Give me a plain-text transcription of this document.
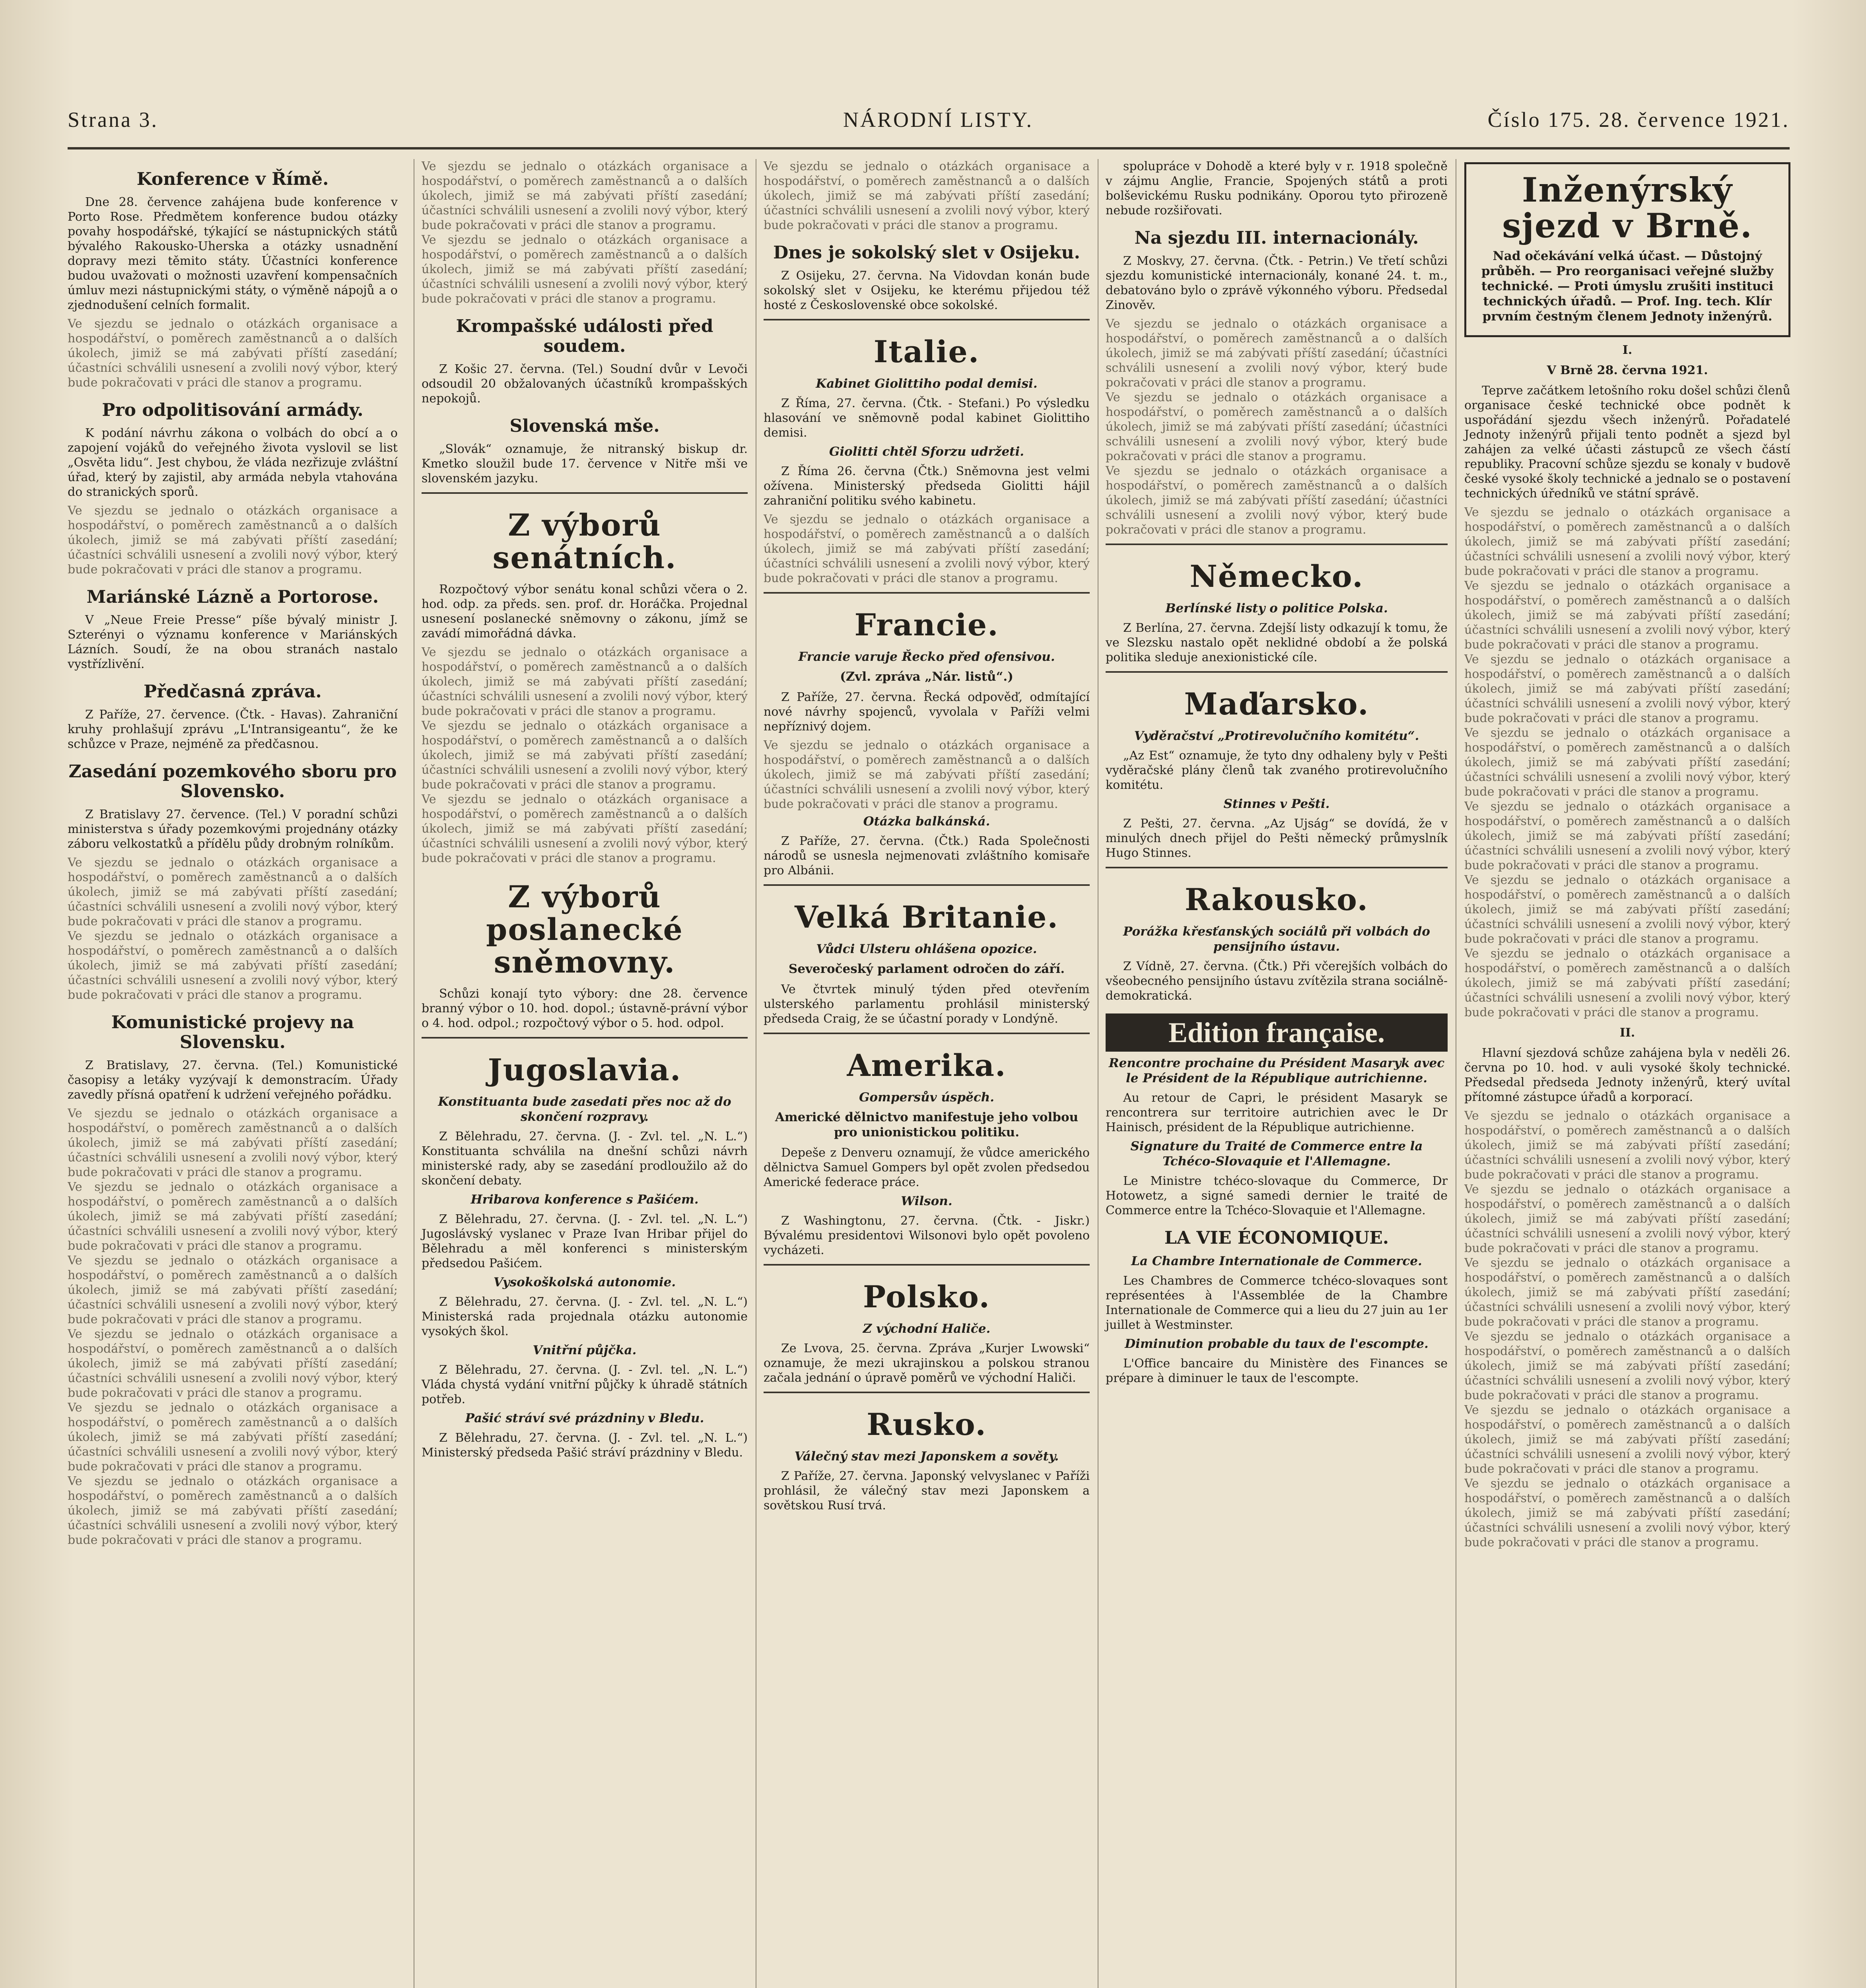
Strana 3.	NÁRODNÍ LISTY.	Číslo 175. 28. července 1921.
Konference v Římě.

Dne 28. července zahájena bude konference v Porto Rose. Předmětem konference budou otázky povahy hospodářské, týkající se nástupnických států bývalého Rakousko-Uherska a otázky usnadnění dopravy mezi těmito státy. Účastníci konference budou uvažovati o možnosti uzavření kompensačních úmluv mezi nástupnickými státy, o výměně nápojů a o zjednodušení celních formalit.

Ve sjezdu se jednalo o otázkách organisace a hospodářství, o poměrech zaměstnanců a o dalších úkolech, jimiž se má zabývati příští zasedání; účastníci schválili usnesení a zvolili nový výbor, který bude pokračovati v práci dle stanov a programu.

Pro odpolitisování armády.

K podání návrhu zákona o volbách do obcí a o zapojení vojáků do veřejného života vyslovil se list „Osvěta lidu“. Jest chybou, že vláda nezřizuje zvláštní úřad, který by zajistil, aby armáda nebyla vtahována do stranických sporů.

Ve sjezdu se jednalo o otázkách organisace a hospodářství, o poměrech zaměstnanců a o dalších úkolech, jimiž se má zabývati příští zasedání; účastníci schválili usnesení a zvolili nový výbor, který bude pokračovati v práci dle stanov a programu.

Mariánské Lázně a Portorose.

V „Neue Freie Presse“ píše bývalý ministr J. Szterényi o významu konference v Mariánských Lázních. Soudí, že na obou stranách nastalo vystřízlivění.

Předčasná zpráva.

Z Paříže, 27. července. (Čtk. - Havas). Zahraniční kruhy prohlašují zprávu „L'Intransigeantu“, že ke schůzce v Praze, nejméně za předčasnou.

Zasedání pozemkového sboru pro Slovensko.

Z Bratislavy 27. července. (Tel.) V poradní schůzi ministerstva s úřady pozemkovými projednány otázky záboru velkostatků a přídělu půdy drobným rolníkům.

Ve sjezdu se jednalo o otázkách organisace a hospodářství, o poměrech zaměstnanců a o dalších úkolech, jimiž se má zabývati příští zasedání; účastníci schválili usnesení a zvolili nový výbor, který bude pokračovati v práci dle stanov a programu.

Ve sjezdu se jednalo o otázkách organisace a hospodářství, o poměrech zaměstnanců a o dalších úkolech, jimiž se má zabývati příští zasedání; účastníci schválili usnesení a zvolili nový výbor, který bude pokračovati v práci dle stanov a programu.

Komunistické projevy na Slovensku.

Z Bratislavy, 27. června. (Tel.) Komunistické časopisy a letáky vyzývají k demonstracím. Úřady zavedly přísná opatření k udržení veřejného pořádku.

Ve sjezdu se jednalo o otázkách organisace a hospodářství, o poměrech zaměstnanců a o dalších úkolech, jimiž se má zabývati příští zasedání; účastníci schválili usnesení a zvolili nový výbor, který bude pokračovati v práci dle stanov a programu.

Ve sjezdu se jednalo o otázkách organisace a hospodářství, o poměrech zaměstnanců a o dalších úkolech, jimiž se má zabývati příští zasedání; účastníci schválili usnesení a zvolili nový výbor, který bude pokračovati v práci dle stanov a programu.

Ve sjezdu se jednalo o otázkách organisace a hospodářství, o poměrech zaměstnanců a o dalších úkolech, jimiž se má zabývati příští zasedání; účastníci schválili usnesení a zvolili nový výbor, který bude pokračovati v práci dle stanov a programu.

Ve sjezdu se jednalo o otázkách organisace a hospodářství, o poměrech zaměstnanců a o dalších úkolech, jimiž se má zabývati příští zasedání; účastníci schválili usnesení a zvolili nový výbor, který bude pokračovati v práci dle stanov a programu.

Ve sjezdu se jednalo o otázkách organisace a hospodářství, o poměrech zaměstnanců a o dalších úkolech, jimiž se má zabývati příští zasedání; účastníci schválili usnesení a zvolili nový výbor, který bude pokračovati v práci dle stanov a programu.

Ve sjezdu se jednalo o otázkách organisace a hospodářství, o poměrech zaměstnanců a o dalších úkolech, jimiž se má zabývati příští zasedání; účastníci schválili usnesení a zvolili nový výbor, který bude pokračovati v práci dle stanov a programu.

Ve sjezdu se jednalo o otázkách organisace a hospodářství, o poměrech zaměstnanců a o dalších úkolech, jimiž se má zabývati příští zasedání; účastníci schválili usnesení a zvolili nový výbor, který bude pokračovati v práci dle stanov a programu.

Ve sjezdu se jednalo o otázkách organisace a hospodářství, o poměrech zaměstnanců a o dalších úkolech, jimiž se má zabývati příští zasedání; účastníci schválili usnesení a zvolili nový výbor, který bude pokračovati v práci dle stanov a programu.

Krompašské události před soudem.

Z Košic 27. června. (Tel.) Soudní dvůr v Levoči odsoudil 20 obžalovaných účastníků krompašských nepokojů.

Slovenská mše.

„Slovák“ oznamuje, že nitranský biskup dr. Kmetko sloužil bude 17. července v Nitře mši ve slovenském jazyku.

Z výborů senátních.

Rozpočtový výbor senátu konal schůzi včera o 2. hod. odp. za předs. sen. prof. dr. Horáčka. Projednal usnesení poslanecké sněmovny o zákonu, jímž se zavádí mimořádná dávka.

Ve sjezdu se jednalo o otázkách organisace a hospodářství, o poměrech zaměstnanců a o dalších úkolech, jimiž se má zabývati příští zasedání; účastníci schválili usnesení a zvolili nový výbor, který bude pokračovati v práci dle stanov a programu.

Ve sjezdu se jednalo o otázkách organisace a hospodářství, o poměrech zaměstnanců a o dalších úkolech, jimiž se má zabývati příští zasedání; účastníci schválili usnesení a zvolili nový výbor, který bude pokračovati v práci dle stanov a programu.

Ve sjezdu se jednalo o otázkách organisace a hospodářství, o poměrech zaměstnanců a o dalších úkolech, jimiž se má zabývati příští zasedání; účastníci schválili usnesení a zvolili nový výbor, který bude pokračovati v práci dle stanov a programu.

Z výborů poslanecké sněmovny.

Schůzi konají tyto výbory: dne 28. července branný výbor o 10. hod. dopol.; ústavně-právní výbor o 4. hod. odpol.; rozpočtový výbor o 5. hod. odpol.

Jugoslavia.
Konstituanta bude zasedati přes noc až do skončení rozpravy.

Z Bělehradu, 27. června. (J. - Zvl. tel. „N. L.“) Konstituanta schválila na dnešní schůzi návrh ministerské rady, aby se zasedání prodloužilo až do skončení debaty.

Hribarova konference s Pašićem.

Z Bělehradu, 27. června. (J. - Zvl. tel. „N. L.“) Jugoslávský vyslanec v Praze Ivan Hribar přijel do Bělehradu a měl konferenci s ministerským předsedou Pašićem.

Vysokoškolská autonomie.

Z Bělehradu, 27. června. (J. - Zvl. tel. „N. L.“) Ministerská rada projednala otázku autonomie vysokých škol.

Vnitřní půjčka.

Z Bělehradu, 27. června. (J. - Zvl. tel. „N. L.“) Vláda chystá vydání vnitřní půjčky k úhradě státních potřeb.

Pašić stráví své prázdniny v Bledu.

Z Bělehradu, 27. června. (J. - Zvl. tel. „N. L.“) Ministerský předseda Pašić stráví prázdniny v Bledu.

Ve sjezdu se jednalo o otázkách organisace a hospodářství, o poměrech zaměstnanců a o dalších úkolech, jimiž se má zabývati příští zasedání; účastníci schválili usnesení a zvolili nový výbor, který bude pokračovati v práci dle stanov a programu.

Dnes je sokolský slet v Osijeku.

Z Osijeku, 27. června. Na Vidovdan konán bude sokolský slet v Osijeku, ke kterému přijedou též hosté z Československé obce sokolské.

Italie.
Kabinet Giolittiho podal demisi.

Z Říma, 27. června. (Čtk. - Stefani.) Po výsledku hlasování ve sněmovně podal kabinet Giolittiho demisi.

Giolitti chtěl Sforzu udržeti.

Z Říma 26. června (Čtk.) Sněmovna jest velmi ožívena. Ministerský předseda Giolitti hájil zahraniční politiku svého kabinetu.

Ve sjezdu se jednalo o otázkách organisace a hospodářství, o poměrech zaměstnanců a o dalších úkolech, jimiž se má zabývati příští zasedání; účastníci schválili usnesení a zvolili nový výbor, který bude pokračovati v práci dle stanov a programu.

Francie.
Francie varuje Řecko před ofensivou.

(Zvl. zpráva „Nár. listů“.)

Z Paříže, 27. června. Řecká odpověď, odmítající nové návrhy spojenců, vyvolala v Paříži velmi nepříznivý dojem.

Ve sjezdu se jednalo o otázkách organisace a hospodářství, o poměrech zaměstnanců a o dalších úkolech, jimiž se má zabývati příští zasedání; účastníci schválili usnesení a zvolili nový výbor, který bude pokračovati v práci dle stanov a programu.

Otázka balkánská.

Z Paříže, 27. června. (Čtk.) Rada Společnosti národů se usnesla nejmenovati zvláštního komisaře pro Albánii.

Velká Britanie.
Vůdci Ulsteru ohlášena opozice.

Severočeský parlament odročen do září.

Ve čtvrtek minulý týden před otevřením ulsterského parlamentu prohlásil ministerský předseda Craig, že se účastní porady v Londýně.

Amerika.
Gompersův úspěch.

Americké dělnictvo manifestuje jeho volbou pro unionistickou politiku.

Depeše z Denveru oznamují, že vůdce amerického dělnictva Samuel Gompers byl opět zvolen předsedou Americké federace práce.

Wilson.

Z Washingtonu, 27. června. (Čtk. - Jiskr.) Bývalému presidentovi Wilsonovi bylo opět povoleno vycházeti.

Polsko.
Z východní Haliče.

Ze Lvova, 25. června. Zpráva „Kurjer Lwowski“ oznamuje, že mezi ukrajinskou a polskou stranou začala jednání o úpravě poměrů ve východní Haliči.

Rusko.
Válečný stav mezi Japonskem a sověty.

Z Paříže, 27. června. Japonský velvyslanec v Paříži prohlásil, že válečný stav mezi Japonskem a sovětskou Rusí trvá.

spolupráce v Dohodě a které byly v r. 1918 společně v zájmu Anglie, Francie, Spojených států a proti bolševickému Rusku podnikány. Oporou tyto přirozeně nebude rozšiřovati.

Na sjezdu III. internacionály.

Z Moskvy, 27. června. (Čtk. - Petrin.) Ve třetí schůzi sjezdu komunistické internacionály, konané 24. t. m., debatováno bylo o zprávě výkonného výboru. Předsedal Zinověv.

Ve sjezdu se jednalo o otázkách organisace a hospodářství, o poměrech zaměstnanců a o dalších úkolech, jimiž se má zabývati příští zasedání; účastníci schválili usnesení a zvolili nový výbor, který bude pokračovati v práci dle stanov a programu.

Ve sjezdu se jednalo o otázkách organisace a hospodářství, o poměrech zaměstnanců a o dalších úkolech, jimiž se má zabývati příští zasedání; účastníci schválili usnesení a zvolili nový výbor, který bude pokračovati v práci dle stanov a programu.

Ve sjezdu se jednalo o otázkách organisace a hospodářství, o poměrech zaměstnanců a o dalších úkolech, jimiž se má zabývati příští zasedání; účastníci schválili usnesení a zvolili nový výbor, který bude pokračovati v práci dle stanov a programu.

Německo.
Berlínské listy o politice Polska.

Z Berlína, 27. června. Zdejší listy odkazují k tomu, že ve Slezsku nastalo opět neklidné období a že polská politika sleduje anexionistické cíle.

Maďarsko.
Vyděračství „Protirevolučního komitétu“.

„Az Est“ oznamuje, že tyto dny odhaleny byly v Pešti vyděračské plány členů tak zvaného protirevolučního komitétu.

Stinnes v Pešti.

Z Pešti, 27. června. „Az Ujság“ se dovídá, že v minulých dnech přijel do Pešti německý průmyslník Hugo Stinnes.

Rakousko.
Porážka křesťanských sociálů při volbách do pensijního ústavu.

Z Vídně, 27. června. (Čtk.) Při včerejších volbách do všeobecného pensijního ústavu zvítězila strana sociálně-demokratická.

Edition française.
Rencontre prochaine du Président Masaryk avec le Président de la République autrichienne.

Au retour de Capri, le président Masaryk se rencontrera sur territoire autrichien avec le Dr Hainisch, président de la République autrichienne.

Signature du Traité de Commerce entre la Tchéco-Slovaquie et l'Allemagne.

Le Ministre tchéco-slovaque du Commerce, Dr Hotowetz, a signé samedi dernier le traité de Commerce entre la Tchéco-Slovaquie et l'Allemagne.

LA VIE ÉCONOMIQUE.
La Chambre Internationale de Commerce.

Les Chambres de Commerce tchéco-slovaques sont représentées à l'Assemblée de la Chambre Internationale de Commerce qui a lieu du 27 juin au 1er juillet à Westminster.

Diminution probable du taux de l'escompte.

L'Office bancaire du Ministère des Finances se prépare à diminuer le taux de l'escompte.

Inženýrský sjezd v Brně.

Nad očekávání velká účast. — Důstojný průběh. — Pro reorganisaci veřejné služby technické. — Proti úmyslu zrušiti instituci technických úřadů. — Prof. Ing. tech. Klír prvním čestným členem Jednoty inženýrů.

I.
V Brně 28. června 1921.

Teprve začátkem letošního roku došel schůzi členů organisace české technické obce podnět k uspořádání sjezdu všech inženýrů. Pořadatelé Jednoty inženýrů přijali tento podnět a sjezd byl zahájen za velké účasti zástupců ze všech částí republiky. Pracovní schůze sjezdu se konaly v budově české vysoké školy technické a jednalo se o postavení technických úředníků ve státní správě.

Ve sjezdu se jednalo o otázkách organisace a hospodářství, o poměrech zaměstnanců a o dalších úkolech, jimiž se má zabývati příští zasedání; účastníci schválili usnesení a zvolili nový výbor, který bude pokračovati v práci dle stanov a programu.

Ve sjezdu se jednalo o otázkách organisace a hospodářství, o poměrech zaměstnanců a o dalších úkolech, jimiž se má zabývati příští zasedání; účastníci schválili usnesení a zvolili nový výbor, který bude pokračovati v práci dle stanov a programu.

Ve sjezdu se jednalo o otázkách organisace a hospodářství, o poměrech zaměstnanců a o dalších úkolech, jimiž se má zabývati příští zasedání; účastníci schválili usnesení a zvolili nový výbor, který bude pokračovati v práci dle stanov a programu.

Ve sjezdu se jednalo o otázkách organisace a hospodářství, o poměrech zaměstnanců a o dalších úkolech, jimiž se má zabývati příští zasedání; účastníci schválili usnesení a zvolili nový výbor, který bude pokračovati v práci dle stanov a programu.

Ve sjezdu se jednalo o otázkách organisace a hospodářství, o poměrech zaměstnanců a o dalších úkolech, jimiž se má zabývati příští zasedání; účastníci schválili usnesení a zvolili nový výbor, který bude pokračovati v práci dle stanov a programu.

Ve sjezdu se jednalo o otázkách organisace a hospodářství, o poměrech zaměstnanců a o dalších úkolech, jimiž se má zabývati příští zasedání; účastníci schválili usnesení a zvolili nový výbor, který bude pokračovati v práci dle stanov a programu.

Ve sjezdu se jednalo o otázkách organisace a hospodářství, o poměrech zaměstnanců a o dalších úkolech, jimiž se má zabývati příští zasedání; účastníci schválili usnesení a zvolili nový výbor, který bude pokračovati v práci dle stanov a programu.

II.

Hlavní sjezdová schůze zahájena byla v neděli 26. června po 10. hod. v auli vysoké školy technické. Předsedal předseda Jednoty inženýrů, který uvítal přítomné zástupce úřadů a korporací.

Ve sjezdu se jednalo o otázkách organisace a hospodářství, o poměrech zaměstnanců a o dalších úkolech, jimiž se má zabývati příští zasedání; účastníci schválili usnesení a zvolili nový výbor, který bude pokračovati v práci dle stanov a programu.

Ve sjezdu se jednalo o otázkách organisace a hospodářství, o poměrech zaměstnanců a o dalších úkolech, jimiž se má zabývati příští zasedání; účastníci schválili usnesení a zvolili nový výbor, který bude pokračovati v práci dle stanov a programu.

Ve sjezdu se jednalo o otázkách organisace a hospodářství, o poměrech zaměstnanců a o dalších úkolech, jimiž se má zabývati příští zasedání; účastníci schválili usnesení a zvolili nový výbor, který bude pokračovati v práci dle stanov a programu.

Ve sjezdu se jednalo o otázkách organisace a hospodářství, o poměrech zaměstnanců a o dalších úkolech, jimiž se má zabývati příští zasedání; účastníci schválili usnesení a zvolili nový výbor, který bude pokračovati v práci dle stanov a programu.

Ve sjezdu se jednalo o otázkách organisace a hospodářství, o poměrech zaměstnanců a o dalších úkolech, jimiž se má zabývati příští zasedání; účastníci schválili usnesení a zvolili nový výbor, který bude pokračovati v práci dle stanov a programu.

Ve sjezdu se jednalo o otázkách organisace a hospodářství, o poměrech zaměstnanců a o dalších úkolech, jimiž se má zabývati příští zasedání; účastníci schválili usnesení a zvolili nový výbor, který bude pokračovati v práci dle stanov a programu.
